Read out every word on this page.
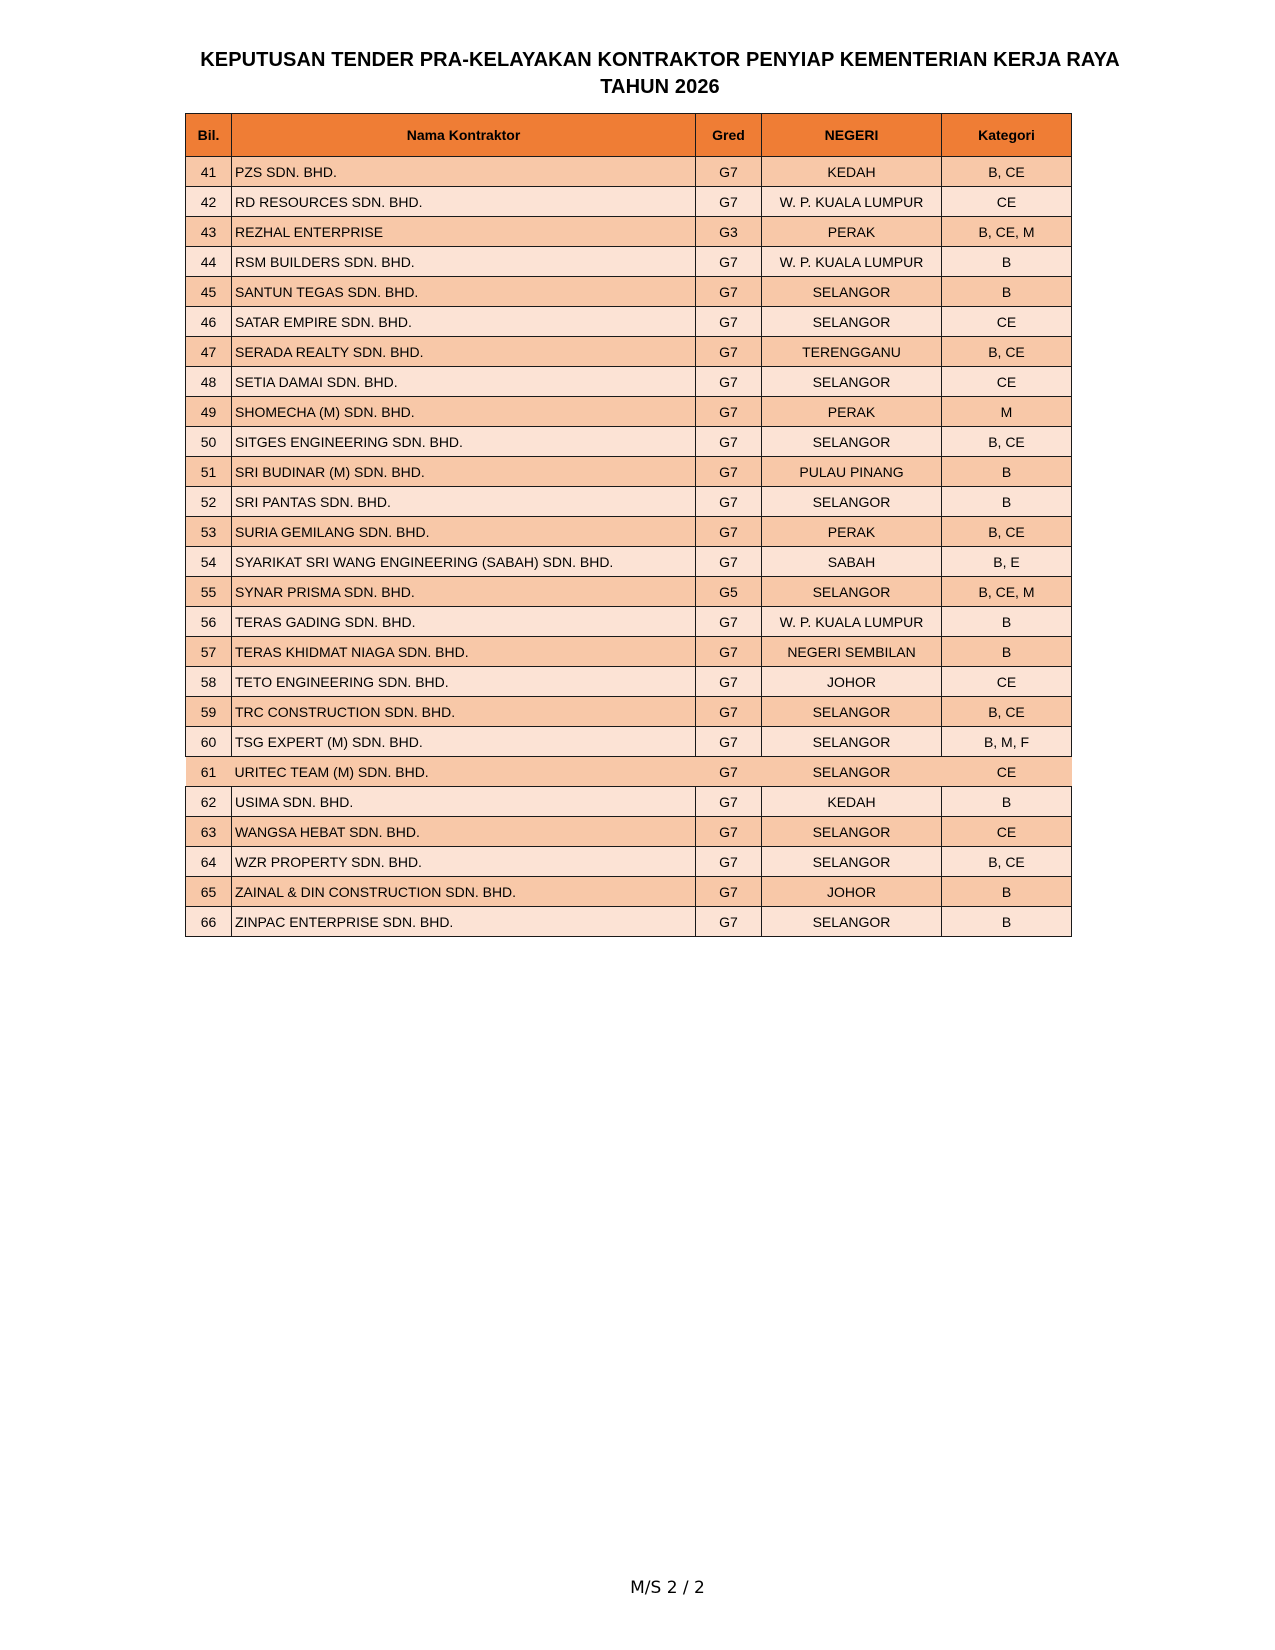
KEPUTUSAN TENDER PRA-KELAYAKAN KONTRAKTOR PENYIAP KEMENTERIAN KERJA RAYA
TAHUN 2026
Bil.	Nama Kontraktor	Gred	NEGERI	Kategori
41	PZS SDN. BHD.	G7	KEDAH	B, CE
42	RD RESOURCES SDN. BHD.	G7	W. P. KUALA LUMPUR	CE
43	REZHAL ENTERPRISE	G3	PERAK	B, CE, M
44	RSM BUILDERS SDN. BHD.	G7	W. P. KUALA LUMPUR	B
45	SANTUN TEGAS SDN. BHD.	G7	SELANGOR	B
46	SATAR EMPIRE SDN. BHD.	G7	SELANGOR	CE
47	SERADA REALTY SDN. BHD.	G7	TERENGGANU	B, CE
48	SETIA DAMAI SDN. BHD.	G7	SELANGOR	CE
49	SHOMECHA (M) SDN. BHD.	G7	PERAK	M
50	SITGES ENGINEERING SDN. BHD.	G7	SELANGOR	B, CE
51	SRI BUDINAR (M) SDN. BHD.	G7	PULAU PINANG	B
52	SRI PANTAS SDN. BHD.	G7	SELANGOR	B
53	SURIA GEMILANG SDN. BHD.	G7	PERAK	B, CE
54	SYARIKAT SRI WANG ENGINEERING (SABAH) SDN. BHD.	G7	SABAH	B, E
55	SYNAR PRISMA SDN. BHD.	G5	SELANGOR	B, CE, M
56	TERAS GADING SDN. BHD.	G7	W. P. KUALA LUMPUR	B
57	TERAS KHIDMAT NIAGA SDN. BHD.	G7	NEGERI SEMBILAN	B
58	TETO ENGINEERING SDN. BHD.	G7	JOHOR	CE
59	TRC CONSTRUCTION SDN. BHD.	G7	SELANGOR	B, CE
60	TSG EXPERT (M) SDN. BHD.	G7	SELANGOR	B, M, F
61	URITEC TEAM (M) SDN. BHD.	G7	SELANGOR	CE
62	USIMA SDN. BHD.	G7	KEDAH	B
63	WANGSA HEBAT SDN. BHD.	G7	SELANGOR	CE
64	WZR PROPERTY SDN. BHD.	G7	SELANGOR	B, CE
65	ZAINAL & DIN CONSTRUCTION SDN. BHD.	G7	JOHOR	B
66	ZINPAC ENTERPRISE SDN. BHD.	G7	SELANGOR	B
M/S 2 / 2
